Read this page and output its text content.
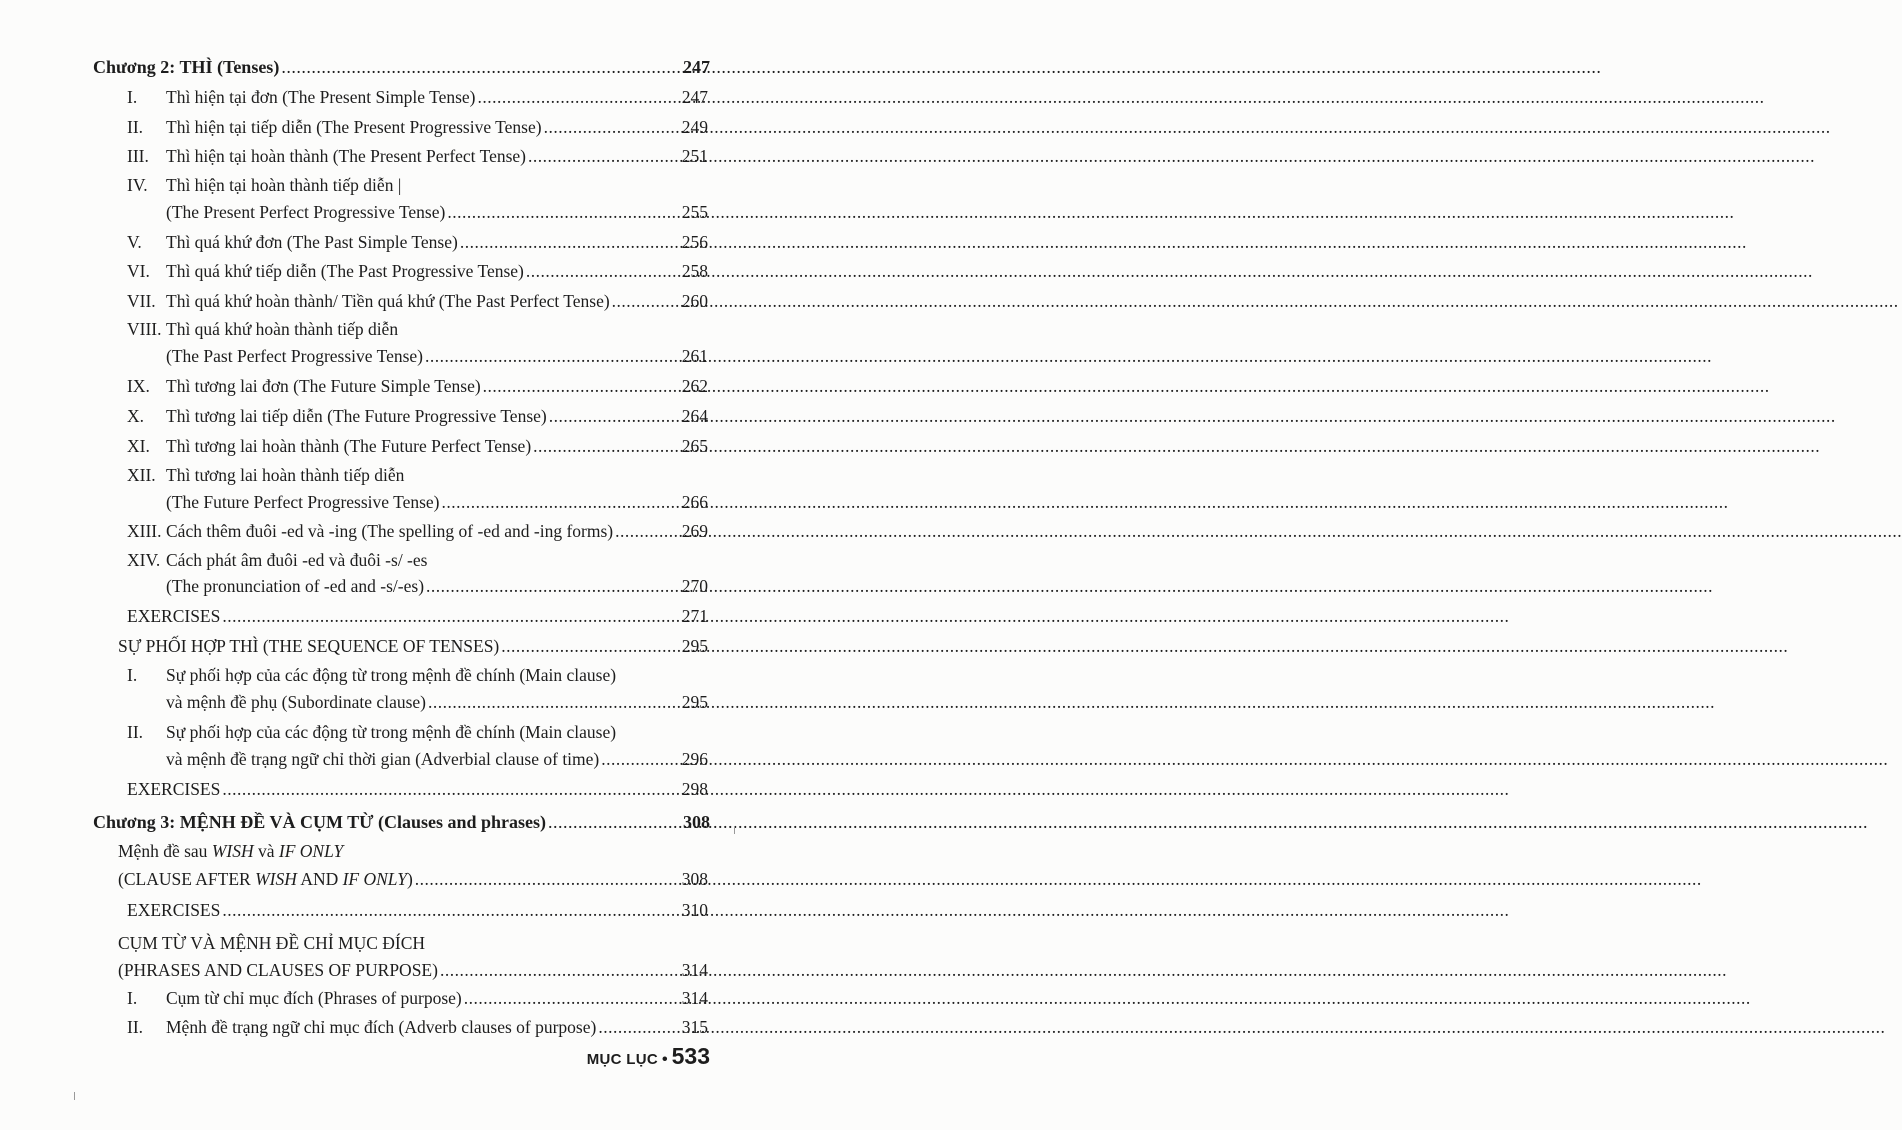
Chương 2: THÌ (Tenses) .....	247
I.	Thì hiện tại đơn (The Present Simple Tense) .....	247
II.	Thì hiện tại tiếp diễn (The Present Progressive Tense) .....	249
III. Thì hiện tại hoàn thành (The Present Perfect Tense) .....	251
IV.	Thì hiện tại hoàn thành tiếp diễn |
(The Present Perfect Progressive Tense) .....	255
V.	Thì quá khứ đơn (The Past Simple Tense) .....	256
VI. Thì quá khứ tiếp diễn (The Past Progressive Tense) .....	258
VII. Thì quá khứ hoàn thành/ Tiền quá khứ (The Past Perfect Tense) .....	260
VIII. Thì quá khứ hoàn thành tiếp diễn
(The Past Perfect Progressive Tense) .....	261
IX. Thì tương lai đơn (The Future Simple Tense) .....	262
X.	Thì tương lai tiếp diễn (The Future Progressive Tense) .....	264
XI. Thì tương lai hoàn thành (The Future Perfect Tense) .....	265
XII. Thì tương lai hoàn thành tiếp diễn
(The Future Perfect Progressive Tense) .....	266
XIII. Cách thêm đuôi -ed và -ing (The spelling of -ed and -ing forms) .....	269
XIV. Cách phát âm đuôi -ed và đuôi -s/ -es
(The pronunciation of -ed and -s/-es) .....	270
EXERCISES .....	271
SỰ PHỐI HỢP THÌ (THE SEQUENCE OF TENSES) .....	295
I.	Sự phối hợp của các động từ trong mệnh đề chính (Main clause)
và mệnh đề phụ (Subordinate clause) .....	295
II.	Sự phối hợp của các động từ trong mệnh đề chính (Main clause)
và mệnh đề trạng ngữ chỉ thời gian (Adverbial clause of time) .....	296
EXERCISES .....	298
Chương 3: MỆNH ĐỀ VÀ CỤM TỪ (Clauses and phrases) .....	308
Mệnh đề sau WISH và IF ONLY
(CLAUSE AFTER WISH AND IF ONLY) .....	308
EXERCISES .....	310
CỤM TỪ VÀ MỆNH ĐỀ CHỈ MỤC ĐÍCH
(PHRASES AND CLAUSES OF PURPOSE) .....	314
I.	Cụm từ chỉ mục đích (Phrases of purpose) .....	314
II.	Mệnh đề trạng ngữ chỉ mục đích (Adverb clauses of purpose) .....	315
MỤC LỤC • 533
